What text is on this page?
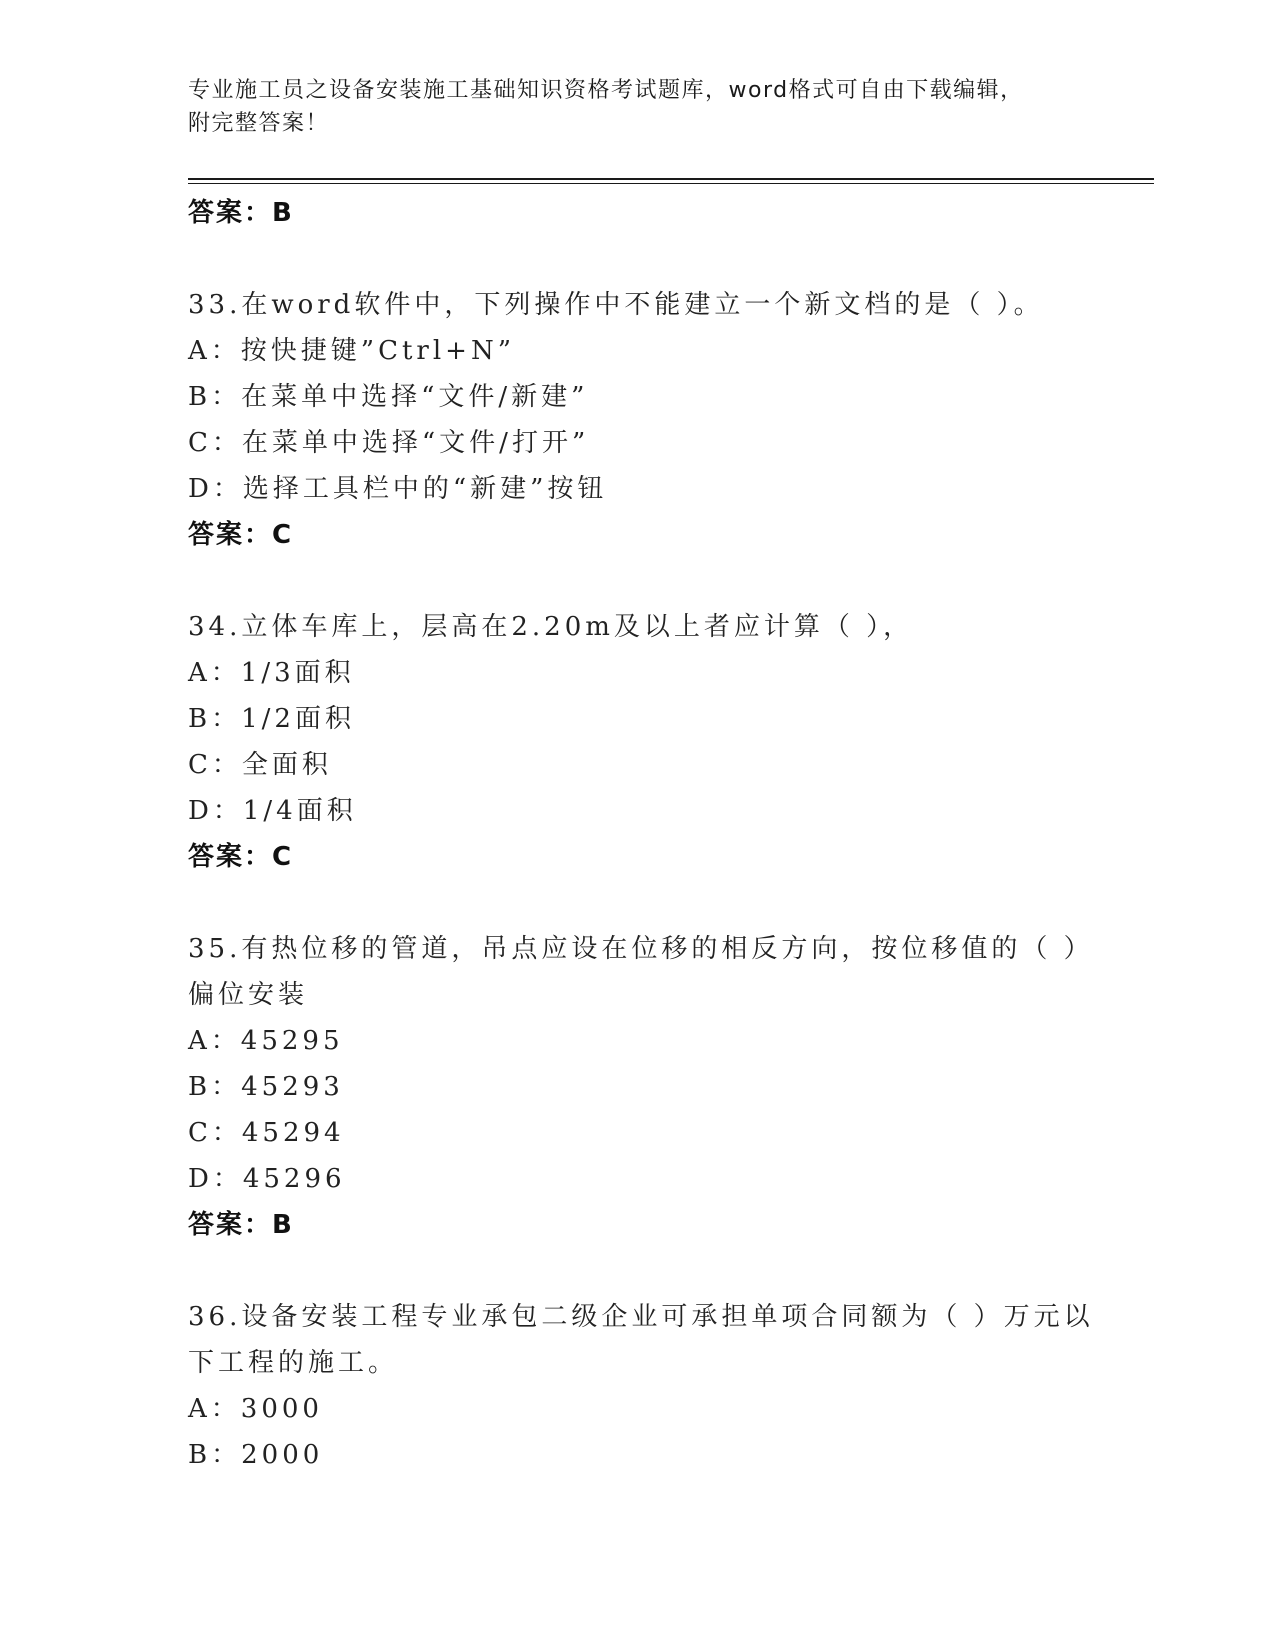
专业施工员之设备安装施工基础知识资格考试题库，word格式可自由下载编辑，
附完整答案！
答案：B
33.在word软件中，下列操作中不能建立一个新文档的是（ ）。
A：按快捷键”Ctrl+N”
B：在菜单中选择“文件/新建”
C：在菜单中选择“文件/打开”
D：选择工具栏中的“新建”按钮
答案：C
34.立体车库上，层高在2.20m及以上者应计算（ ），
A：1/3面积
B：1/2面积
C：全面积
D：1/4面积
答案：C
35.有热位移的管道，吊点应设在位移的相反方向，按位移值的（ ）
偏位安装
A：45295
B：45293
C：45294
D：45296
答案：B
36.设备安装工程专业承包二级企业可承担单项合同额为（ ）万元以
下工程的施工。
A：3000
B：2000
